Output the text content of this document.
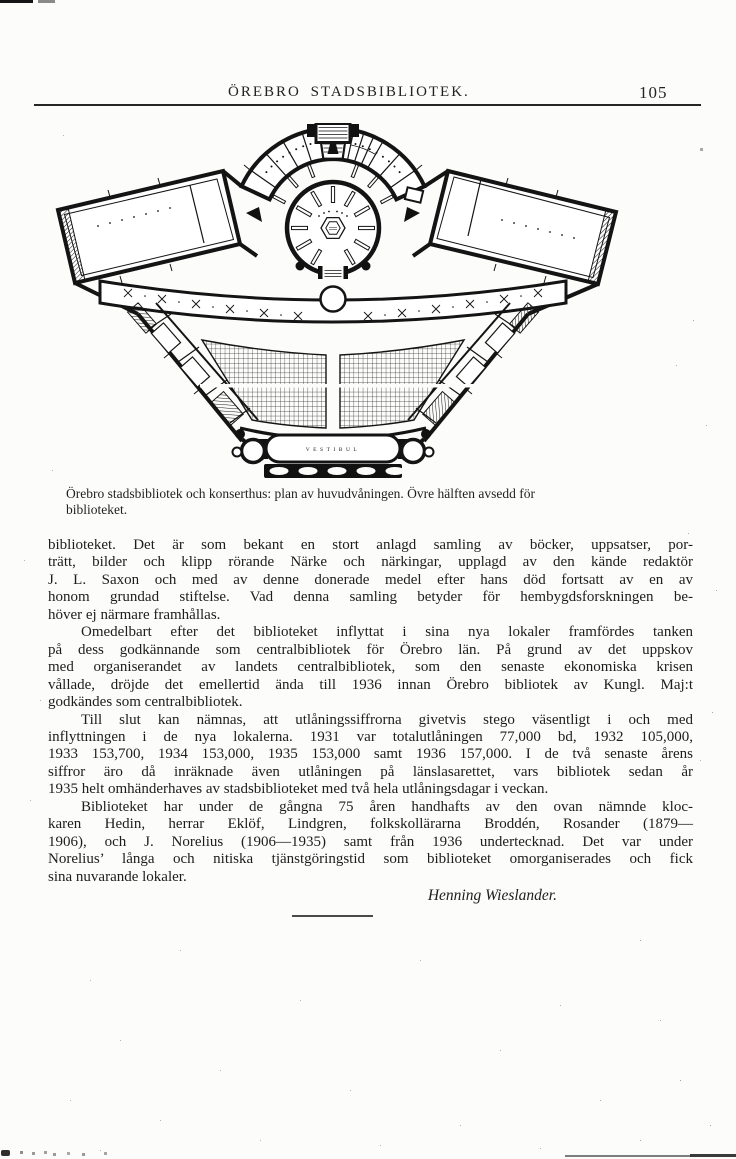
ÖREBRO STADSBIBLIOTEK.	105
VESTIBUL
Örebro stadsbibliotek och konserthus: plan av huvudvåningen. Övre hälften avsedd för
biblioteket.
biblioteket. Det är som bekant en stort anlagd samling av böcker, uppsatser, por-
trätt, bilder och klipp rörande Närke och närkingar, upplagd av den kände redaktör
J. L. Saxon och med av denne donerade medel efter hans död fortsatt av en av
honom grundad stiftelse. Vad denna samling betyder för hembygdsforskningen be-
höver ej närmare framhållas.
Omedelbart efter det biblioteket inflyttat i sina nya lokaler framfördes tanken
på dess godkännande som centralbibliotek för Örebro län. På grund av det uppskov
med organiserandet av landets centralbibliotek, som den senaste ekonomiska krisen
vållade, dröjde det emellertid ända till 1936 innan Örebro bibliotek av Kungl. Maj:t
godkändes som centralbibliotek.
Till slut kan nämnas, att utlåningssiffrorna givetvis stego väsentligt i och med
inflyttningen i de nya lokalerna. 1931 var totalutlåningen 77,000 bd, 1932 105,000,
1933 153,700, 1934 153,000, 1935 153,000 samt 1936 157,000. I de två senaste årens
siffror äro då inräknade även utlåningen på länslasarettet, vars bibliotek sedan år
1935 helt omhänderhaves av stadsbiblioteket med två hela utlåningsdagar i veckan.
Biblioteket har under de gångna 75 åren handhafts av den ovan nämnde kloc-
karen Hedin, herrar Eklöf, Lindgren, folkskollärarna Broddén, Rosander (1879—
1906), och J. Norelius (1906—1935) samt från 1936 undertecknad. Det var under
Norelius’ långa och nitiska tjänstgöringstid som biblioteket omorganiserades och fick
sina nuvarande lokaler.
Henning Wieslander.
